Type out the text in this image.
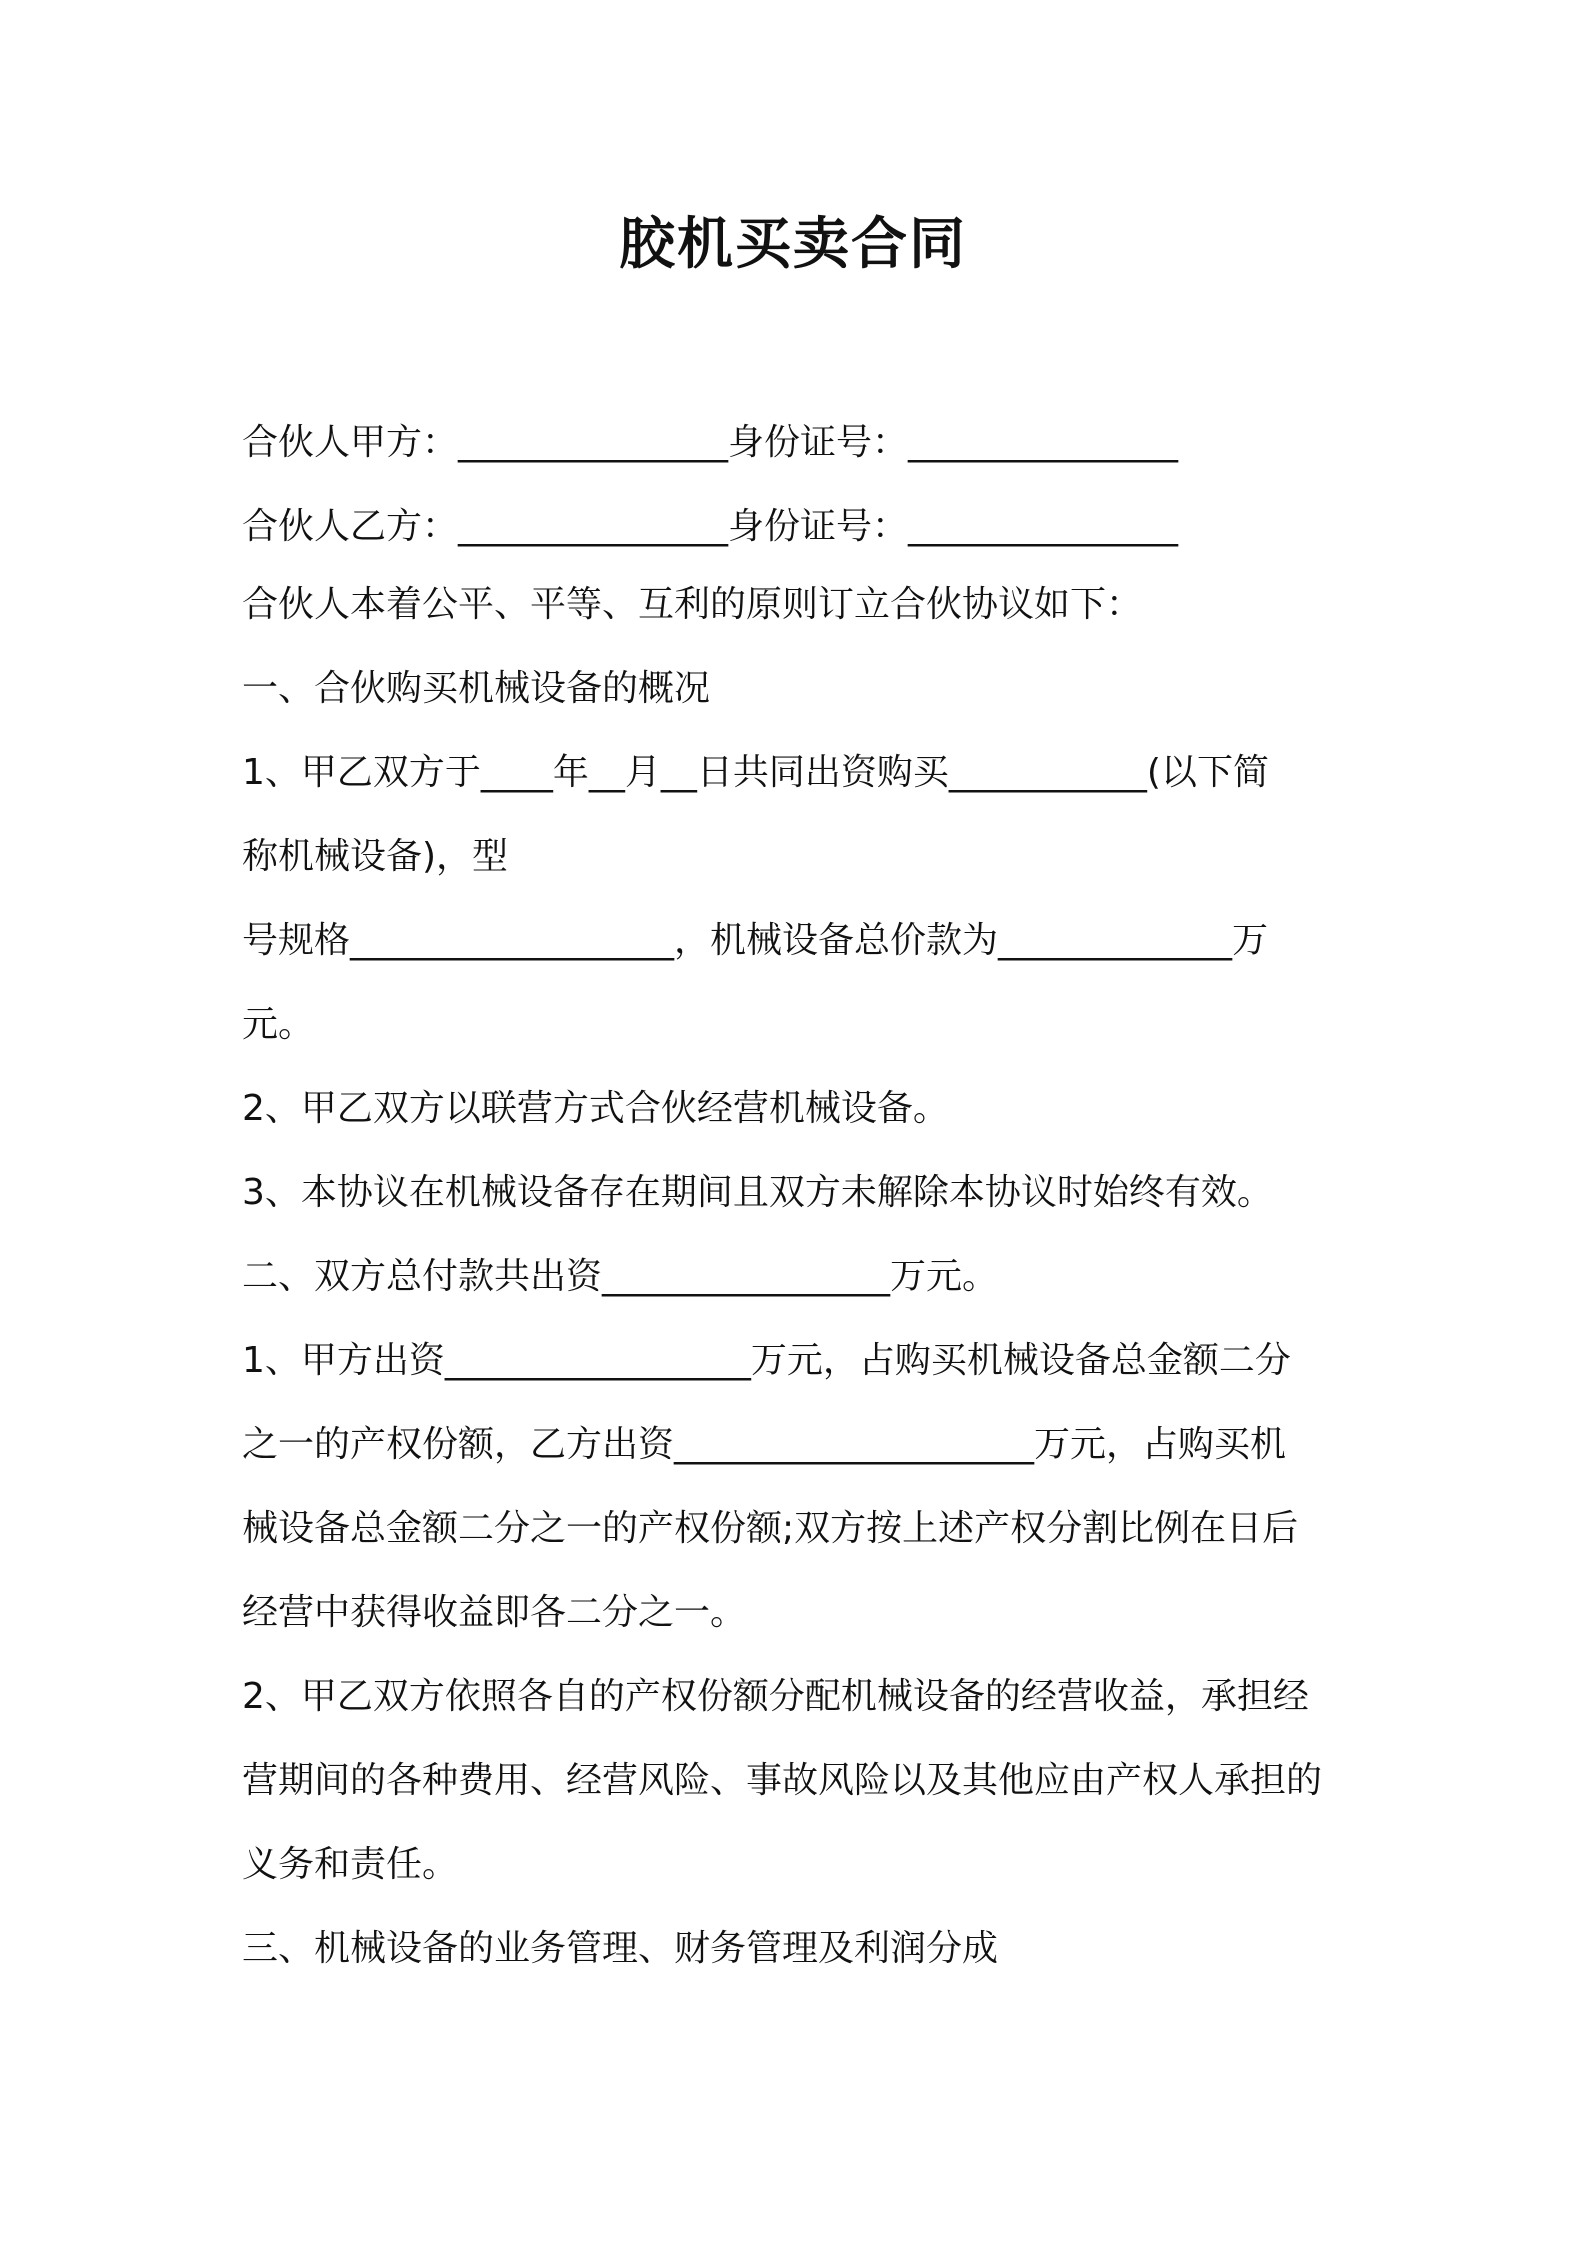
胶机买卖合同
合伙人甲方：_______________身份证号：_______________
合伙人乙方：_______________身份证号：_______________
合伙人本着公平、平等、互利的原则订立合伙协议如下：
一、合伙购买机械设备的概况
1、甲乙双方于____年__月__日共同出资购买___________(以下简
称机械设备)，型
号规格__________________，机械设备总价款为_____________万
元。
2、甲乙双方以联营方式合伙经营机械设备。
3、本协议在机械设备存在期间且双方未解除本协议时始终有效。
二、双方总付款共出资________________万元。
1、甲方出资_________________万元，占购买机械设备总金额二分
之一的产权份额，乙方出资____________________万元，占购买机
械设备总金额二分之一的产权份额;双方按上述产权分割比例在日后
经营中获得收益即各二分之一。
2、甲乙双方依照各自的产权份额分配机械设备的经营收益，承担经
营期间的各种费用、经营风险、事故风险以及其他应由产权人承担的
义务和责任。
三、机械设备的业务管理、财务管理及利润分成
